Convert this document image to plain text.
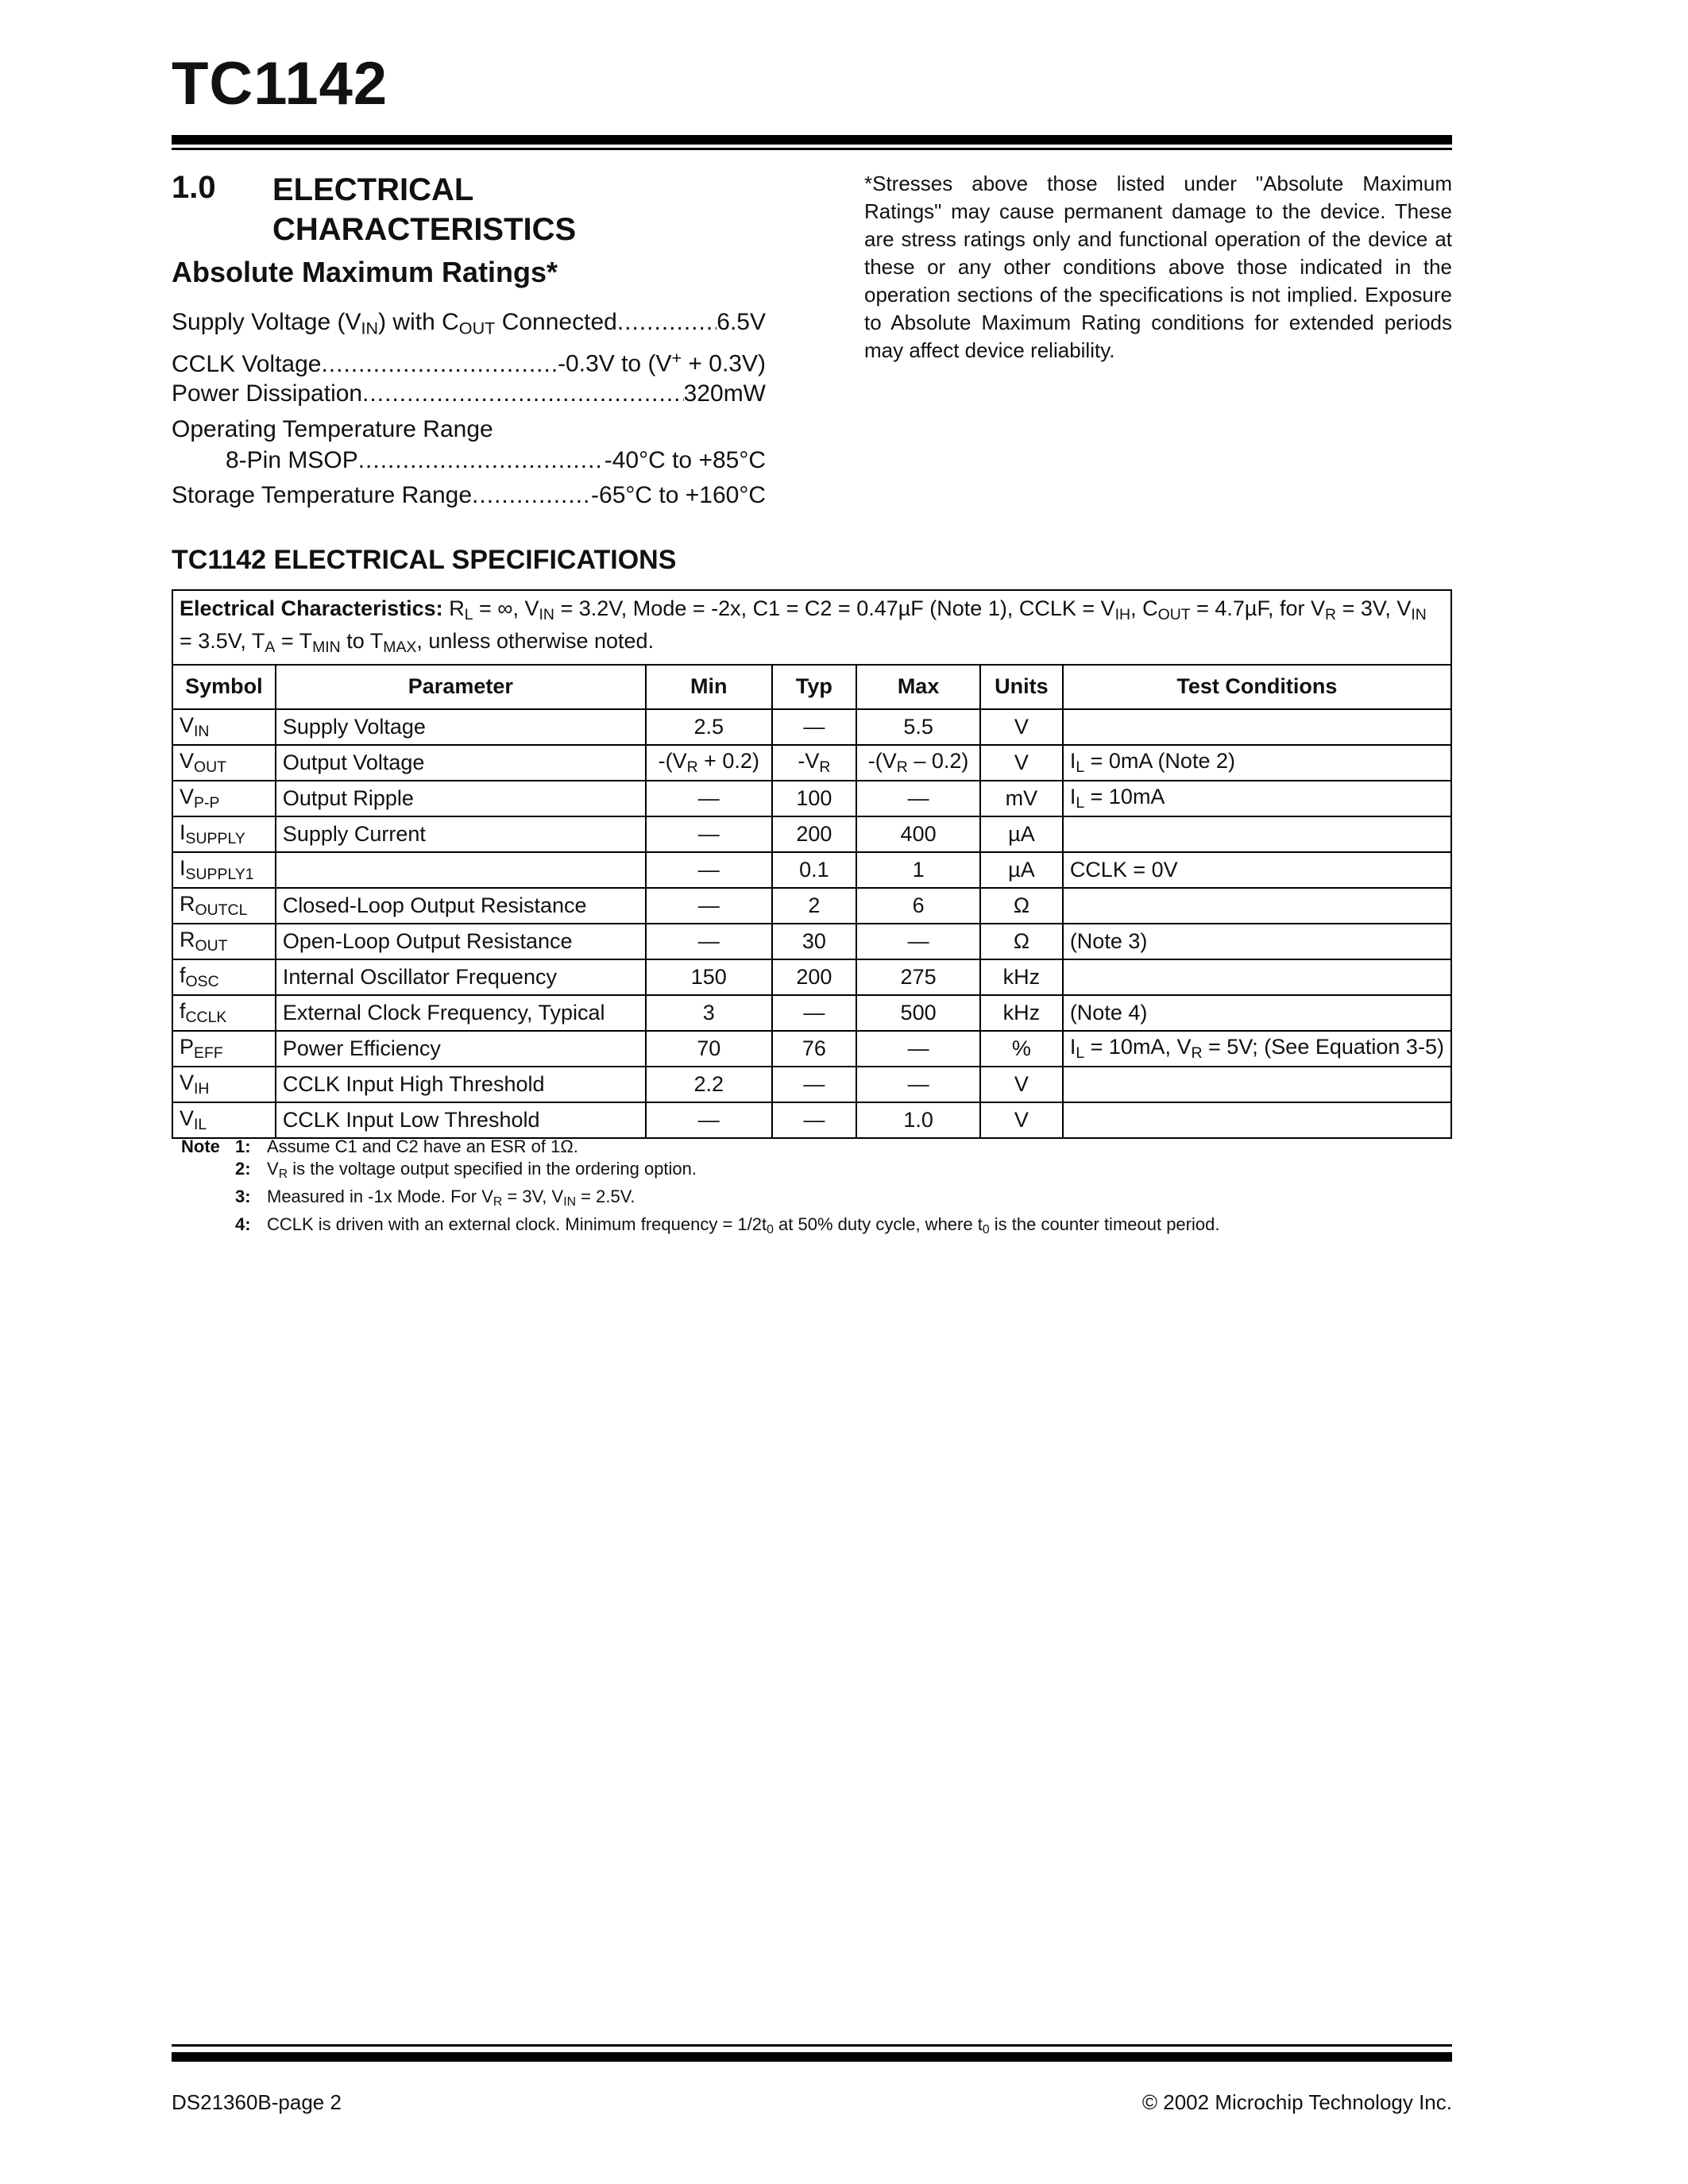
TC1142
1.0 ELECTRICAL CHARACTERISTICS
Absolute Maximum Ratings*
Supply Voltage $(V_{IN})$ with $C_{OUT}$ Connected .....	6.5V
CCLK Voltage .....	-0.3V to (V+ + 0.3V)
Power Dissipation .....	320mW
Operating Temperature Range
8-Pin MSOP .....	-40°C to +85°C
Storage Temperature Range .....	-65°C to +160°C
*Stresses above those listed under "Absolute Maximum Ratings" may cause permanent damage to the device. These are stress ratings only and functional operation of the device at these or any other conditions above those indicated in the operation sections of the specifications is not implied. Exposure to Absolute Maximum Rating conditions for extended periods may affect device reliability.
TC1142 ELECTRICAL SPECIFICATIONS
Electrical Characteristics: $R_L$ = ∞, $V_{IN} = 3.2V$, Mode = -2x, C1 = C2 = 0.47µF (Note 1), CCLK = $V_{IH}$, $C_{OUT} = 4.7\mu F$, for $V_R = 3V$, $V_{IN} = 3.5V$, $T_A = T_{MIN}$ to $T_{MAX}$, unless otherwise noted.						
Symbol	Parameter	Min	Typ	Max	Units	Test Conditions
$V_{IN}$	Supply Voltage	2.5	—	5.5	V	
$V_{OUT}$	Output Voltage	$-(V_R + 0.2)$	$-V_R$	$-(V_R - 0.2)$	V	$I_L = 0mA$ (Note 2)
$V_{P-P}$	Output Ripple	—	100	—	mV	$I_L = 10mA$
$I_{SUPPLY}$	Supply Current	—	200	400	µA	
$I_{SUPPLY1}$		—	0.1	1	µA	CCLK = 0V
$R_{OUTCL}$	Closed-Loop Output Resistance	—	2	6	Ω	
$R_{OUT}$	Open-Loop Output Resistance	—	30	—	Ω	(Note 3)
$f_{OSC}$	Internal Oscillator Frequency	150	200	275	kHz	
$f_{CCLK}$	External Clock Frequency, Typical	3	—	500	kHz	(Note 4)
$P_{EFF}$	Power Efficiency	70	76	—	%	$I_L = 10mA$, $V_R = 5V$; (See Equation 3-5)
$V_{IH}$	CCLK Input High Threshold	2.2	—	—	V	
$V_{IL}$	CCLK Input Low Threshold	—	—	1.0	V	
Note 1: Assume C1 and C2 have an ESR of 1Ω.
2: $V_R$ is the voltage output specified in the ordering option.
3: Measured in -1x Mode. For $V_R = 3V$, $V_{IN} = 2.5V$.
4: CCLK is driven with an external clock. Minimum frequency = $1/2t_0$ at 50% duty cycle, where $t_0$ is the counter timeout period.
DS21360B-page 2	© 2002 Microchip Technology Inc.
